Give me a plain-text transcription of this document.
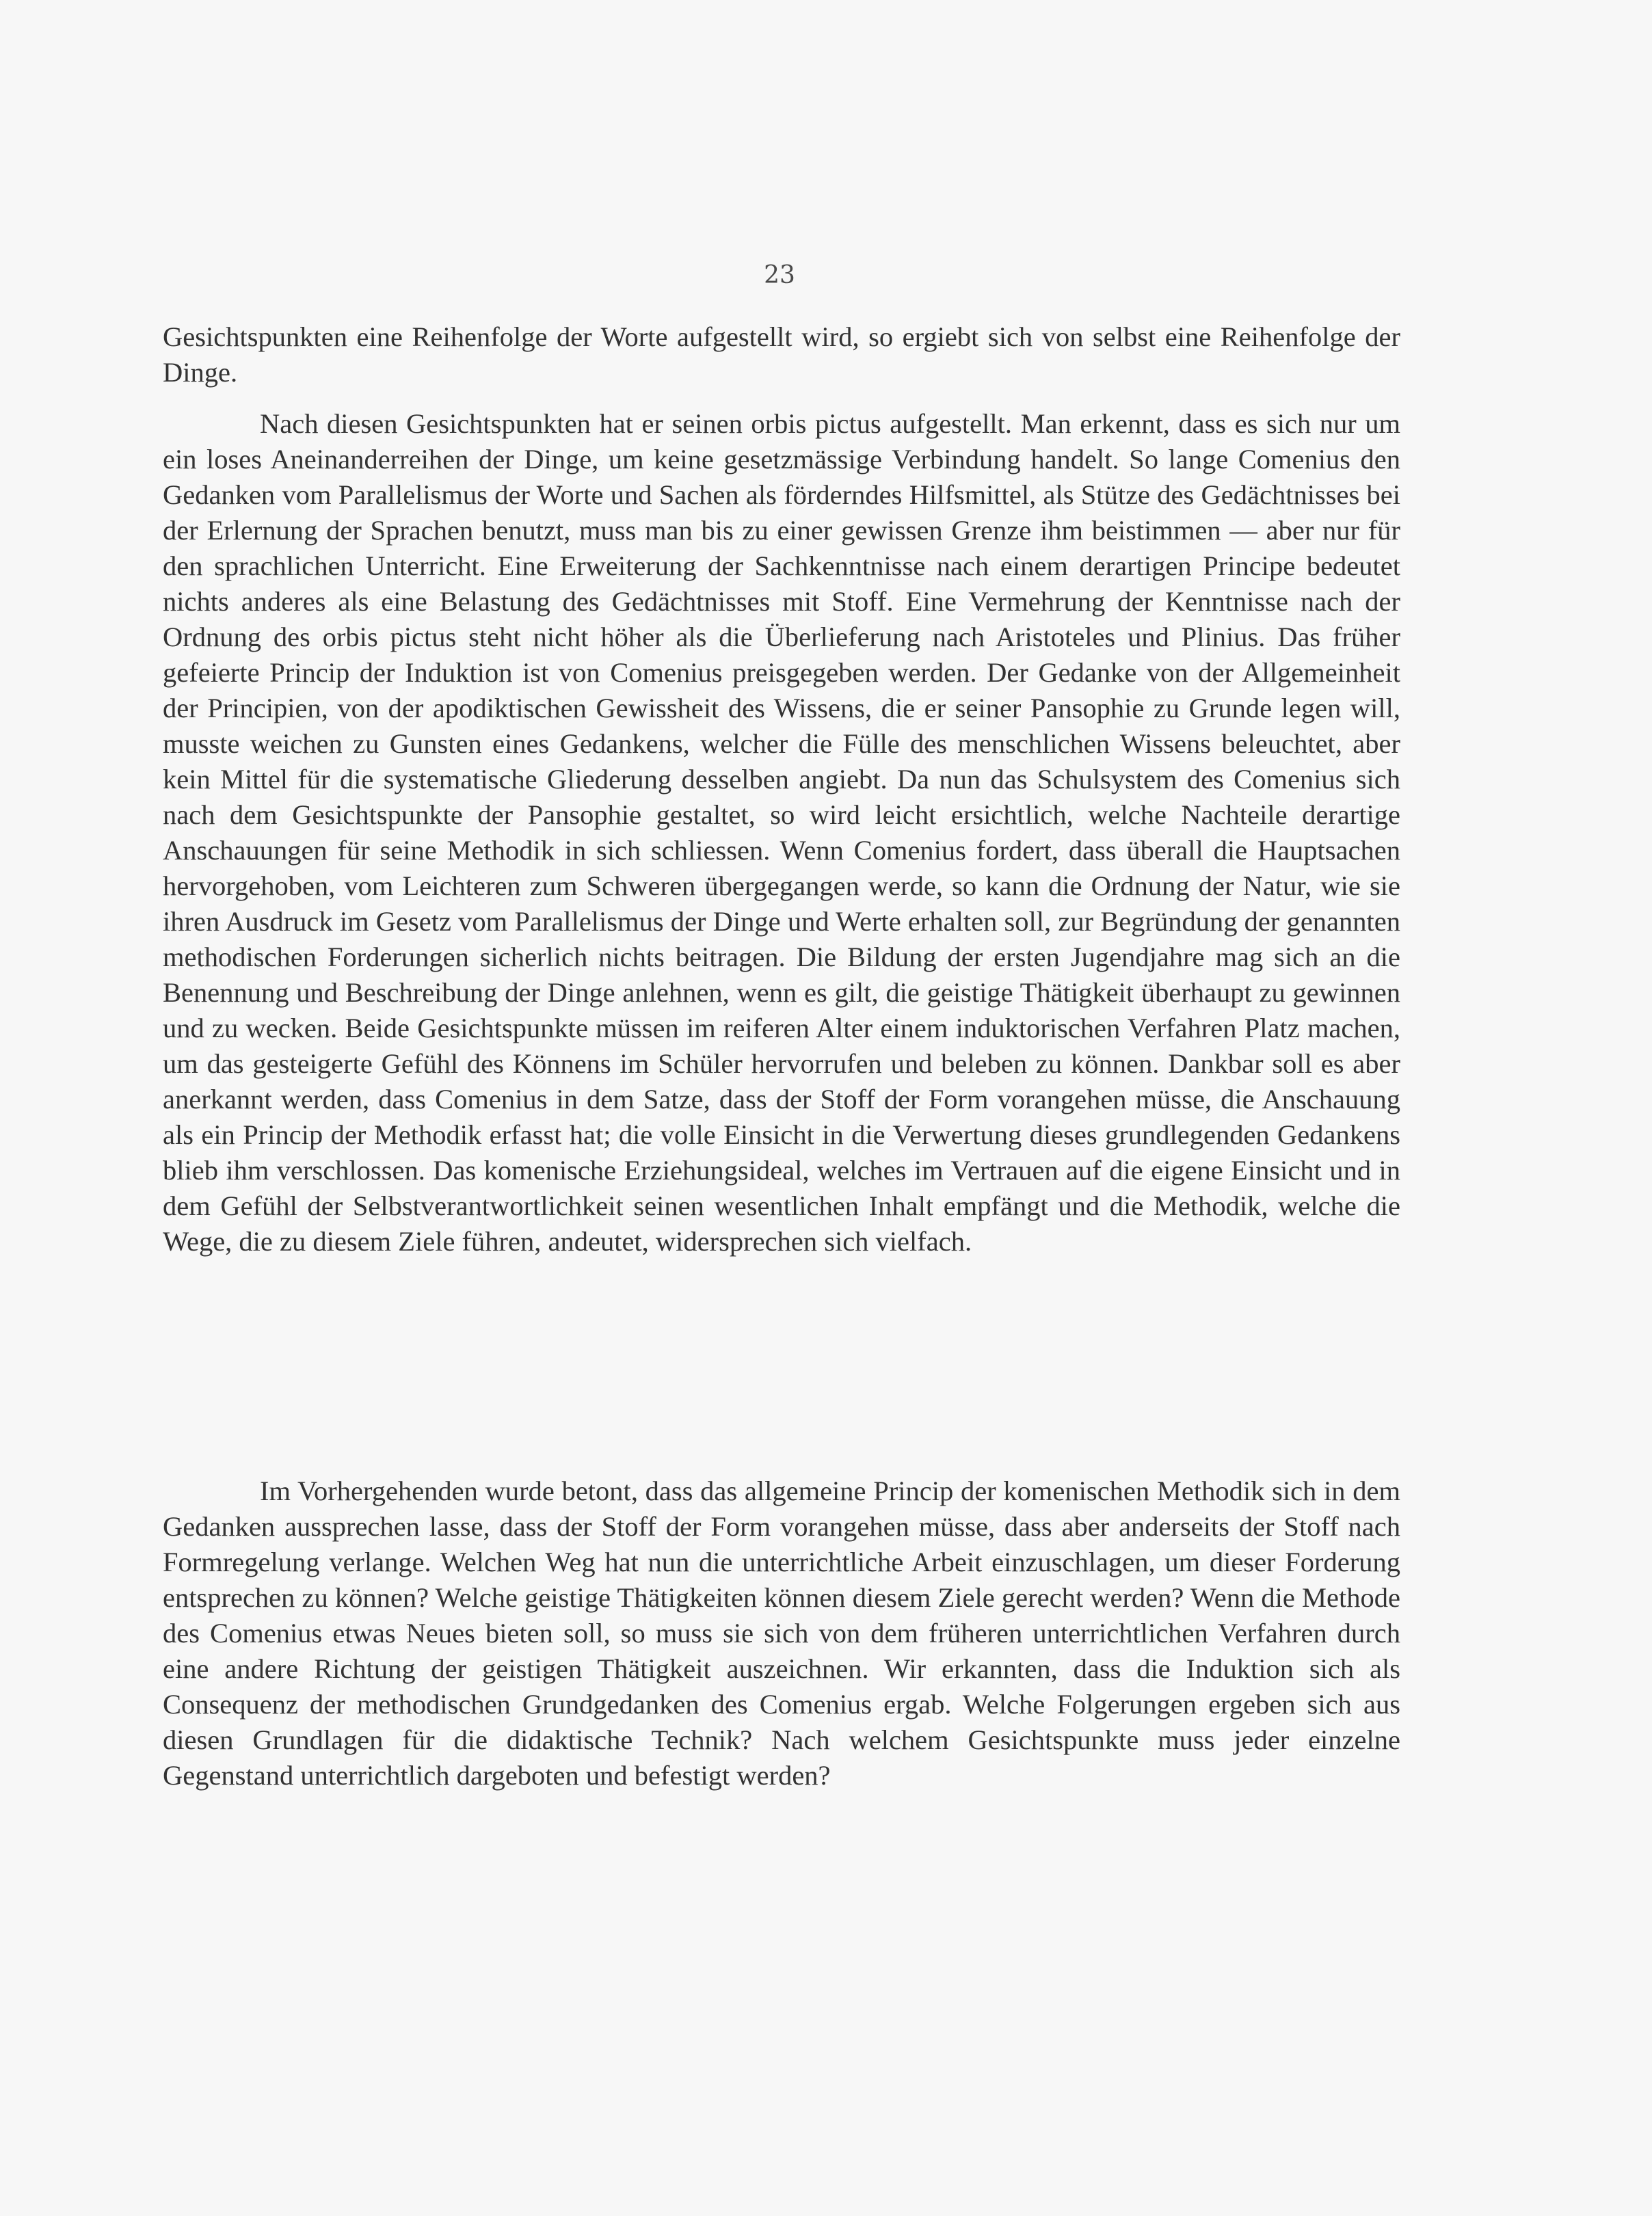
23

Gesichtspunkten eine Reihenfolge der Worte aufgestellt wird, so ergiebt sich von selbst eine Reihenfolge der Dinge.

Nach diesen Gesichtspunkten hat er seinen orbis pictus aufgestellt. Man erkennt, dass es sich nur um ein loses Aneinanderreihen der Dinge, um keine gesetzmässige Verbindung handelt. So lange Comenius den Gedanken vom Parallelismus der Worte und Sachen als förderndes Hilfsmittel, als Stütze des Gedächtnisses bei der Erlernung der Sprachen benutzt, muss man bis zu einer gewissen Grenze ihm beistimmen — aber nur für den sprachlichen Unterricht. Eine Erweiterung der Sachkenntnisse nach einem derartigen Principe bedeutet nichts anderes als eine Belastung des Gedächtnisses mit Stoff. Eine Vermehrung der Kenntnisse nach der Ordnung des orbis pictus steht nicht höher als die Überlieferung nach Aristoteles und Plinius. Das früher gefeierte Princip der Induktion ist von Comenius preisgegeben werden. Der Gedanke von der Allgemeinheit der Principien, von der apodiktischen Gewissheit des Wissens, die er seiner Pansophie zu Grunde legen will, musste weichen zu Gunsten eines Gedankens, welcher die Fülle des menschlichen Wissens beleuchtet, aber kein Mittel für die systematische Gliederung desselben angiebt. Da nun das Schulsystem des Comenius sich nach dem Gesichtspunkte der Pansophie gestaltet, so wird leicht ersichtlich, welche Nachteile derartige Anschauungen für seine Methodik in sich schliessen. Wenn Comenius fordert, dass überall die Hauptsachen hervorgehoben, vom Leichteren zum Schweren übergegangen werde, so kann die Ordnung der Natur, wie sie ihren Ausdruck im Gesetz vom Parallelismus der Dinge und Werte erhalten soll, zur Begründung der genannten methodischen Forderungen sicherlich nichts beitragen. Die Bildung der ersten Jugendjahre mag sich an die Benennung und Beschreibung der Dinge anlehnen, wenn es gilt, die geistige Thätigkeit überhaupt zu gewinnen und zu wecken. Beide Gesichtspunkte müssen im reiferen Alter einem induktorischen Verfahren Platz machen, um das gesteigerte Gefühl des Könnens im Schüler hervorrufen und beleben zu können. Dankbar soll es aber anerkannt werden, dass Comenius in dem Satze, dass der Stoff der Form vorangehen müsse, die Anschauung als ein Princip der Methodik erfasst hat; die volle Einsicht in die Verwertung dieses grundlegenden Gedankens blieb ihm verschlossen. Das komenische Erziehungsideal, welches im Vertrauen auf die eigene Einsicht und in dem Gefühl der Selbstverantwortlichkeit seinen wesentlichen Inhalt empfängt und die Methodik, welche die Wege, die zu diesem Ziele führen, andeutet, widersprechen sich vielfach.

Im Vorhergehenden wurde betont, dass das allgemeine Princip der komenischen Methodik sich in dem Gedanken aussprechen lasse, dass der Stoff der Form vorangehen müsse, dass aber anderseits der Stoff nach Formregelung verlange. Welchen Weg hat nun die unterrichtliche Arbeit einzuschlagen, um dieser Forderung entsprechen zu können? Welche geistige Thätigkeiten können diesem Ziele gerecht werden? Wenn die Methode des Comenius etwas Neues bieten soll, so muss sie sich von dem früheren unterrichtlichen Verfahren durch eine andere Richtung der geistigen Thätigkeit auszeichnen. Wir erkannten, dass die Induktion sich als Consequenz der methodischen Grundgedanken des Comenius ergab. Welche Folgerungen ergeben sich aus diesen Grundlagen für die didaktische Technik? Nach welchem Gesichtspunkte muss jeder einzelne Gegenstand unterrichtlich dargeboten und befestigt werden?
